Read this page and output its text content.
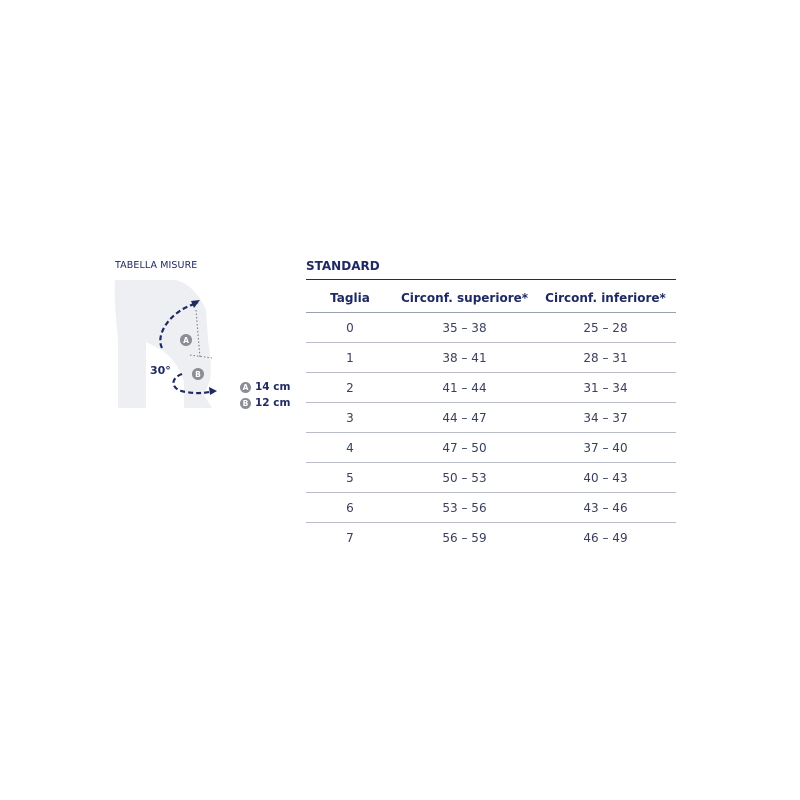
TABELLA MISURE
A
B
30°
A 14 cm
B 12 cm
STANDARD
Taglia	Circonf. superiore*	Circonf. inferiore*
0	35 – 38	25 – 28
1	38 – 41	28 – 31
2	41 – 44	31 – 34
3	44 – 47	34 – 37
4	47 – 50	37 – 40
5	50 – 53	40 – 43
6	53 – 56	43 – 46
7	56 – 59	46 – 49
